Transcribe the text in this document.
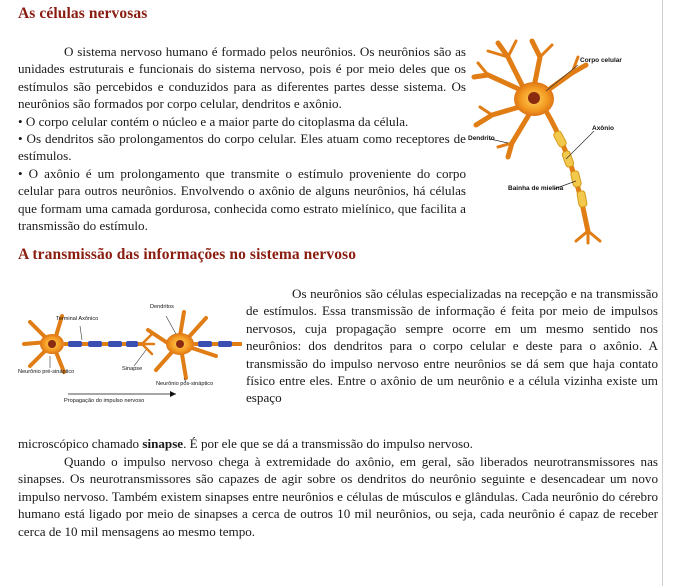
As células nervosas

O sistema nervoso humano é formado pelos neurônios. Os neurônios são as unidades estruturais e funcionais do sistema nervoso, pois é por meio deles que os estímulos são percebidos e conduzidos para as diferentes partes desse sistema. Os neurônios são formados por corpo celular, dendritos e axônio.
• O corpo celular contém o núcleo e a maior parte do citoplasma da célula.
• Os dendritos são prolongamentos do corpo celular. Eles atuam como receptores de estímulos.
• O axônio é um prolongamento que transmite o estímulo proveniente do corpo celular para outros neurônios. Envolvendo o axônio de alguns neurônios, há células que formam uma camada gordurosa, conhecida como estrato mielínico, que facilita a transmissão do estímulo.

Corpo celular
Dendrito
Axônio
Bainha de mielina
A transmissão das informações no sistema nervoso
Dendritos
Terminal Axônico
Sinapse
Neurônio pré-sináptico
Neurônio pós-sináptico
Propagação do impulso nervoso

Os neurônios são células especializadas na recepção e na transmissão de estímulos. Essa transmissão de informação é feita por meio de impulsos nervosos, cuja propagação sempre ocorre em um mesmo sentido nos neurônios: dos dendritos para o corpo celular e deste para o axônio. A transmissão do impulso nervoso entre neurônios se dá sem que haja contato físico entre eles. Entre o axônio de um neurônio e a célula vizinha existe um espaço

microscópico chamado sinapse. É por ele que se dá a transmissão do impulso nervoso.

Quando o impulso nervoso chega à extremidade do axônio, em geral, são liberados neurotransmissores nas sinapses. Os neurotransmissores são capazes de agir sobre os dendritos do neurônio seguinte e desencadear um novo impulso nervoso. Também existem sinapses entre neurônios e células de músculos e glândulas. Cada neurônio do cérebro humano está ligado por meio de sinapses a cerca de outros 10 mil neurônios, ou seja, cada neurônio é capaz de receber cerca de 10 mil mensagens ao mesmo tempo.
